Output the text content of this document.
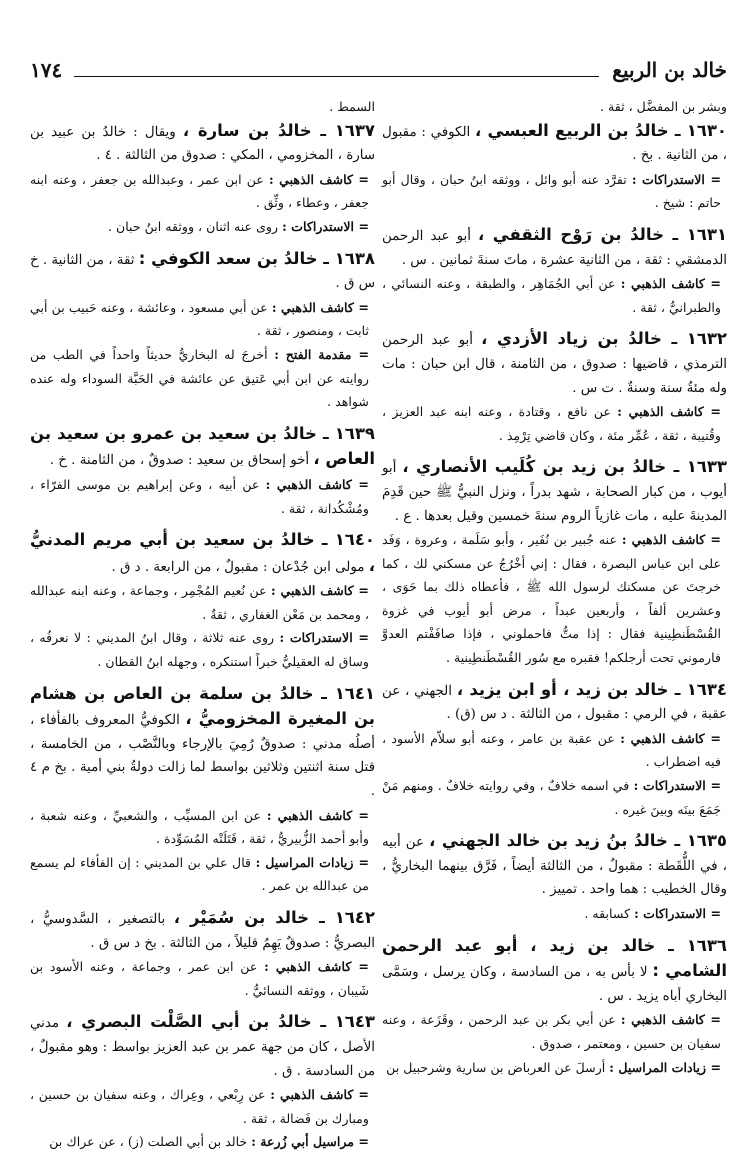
خالد بن الربيع
١٧٤

وبشر بن المفضَّل ، ثقة .

١٦٣٠ ـ خالدُ بن الربيع العبسي ، الكوفي : مقبول ، من الثانية . بخ .

= الاستدراكات : تفرَّد عنه أبو وائل ، ووثقه ابنُ حبان ، وقال أبو حاتم : شيخ .

١٦٣١ ـ خالدُ بن رَوْح الثقفي ، أبو عبد الرحمن الدمشقي : ثقة ، من الثانية عشرة ، ماتَ سنةَ ثمانين . س .

= كاشف الذهبي : عن أبي الجُمَاهِر ، والطبقة ، وعنه النسائي ، والطبرانيُّ ، ثقة .

١٦٣٢ ـ خالدُ بن زياد الأزدي ، أبو عبد الرحمن الترمذي ، قاضيها : صدوق ، من الثامنة ، قال ابن حبان : مات وله مئةُ سنة وسنةٌ . ت س .

= كاشف الذهبي : عن نافع ، وقتادة ، وعنه ابنه عبد العزيز ، وقُتيبة ، ثقة ، عُمِّر مئة ، وكان قاضي تِرْمِذ .

١٦٣٣ ـ خالدُ بن زيد بن كُلَيب الأنصاري ، أبو أيوب ، من كبار الصحابة ، شهد بدراً ، ونزل النبيُّ ﷺ حين قَدِمَ المدينةَ عليه ، مات غازياً الروم سنةَ خمسين وقيل بعدها . ع .

= كاشف الذهبي : عنه جُبير بن نُفَير ، وأبو سَلَمة ، وعروة ، وَفَد على ابن عباس البصرة ، فقال : إني أخْرُجُ عن مسكني لك ، كما خرجتَ عن مسكنك لرسول الله ﷺ ، فأعطاه ذلك بما حَوَى ، وعشرين ألفاً ، وأربعين عبداً ، مرض أبو أيوب في غزوة القُسْطَنطِينية فقال : إذا متُّ فاحملوني ، فإذا صافَفْتم العدوَّ فارموني تحت أرجلكم! فقبره مع سُور القُسْطَنطِينية .

١٦٣٤ ـ خالد بن زيد ، أو ابن يزيد ، الجهني ، عن عقبة ، في الرمي : مقبول ، من الثالثة . د س (ق) .

= كاشف الذهبي : عن عقبة بن عامر ، وعنه أبو سلاّم الأسود ، فيه اضطراب .

= الاستدراكات : في اسمه خلافٌ ، وفي روايته خلافٌ . ومنهم مَنْ جَمَعَ بينَه وبينَ غيره .

١٦٣٥ ـ خالدُ بنُ زيد بن خالد الجهني ، عن أبيه ، في اللُّقَطة : مقبولٌ ، من الثالثة أيضاً ، فَرَّق بينهما البخاريُّ ، وقال الخطيب : هما واحد . تمييز .

= الاستدراكات : كسابقه .

١٦٣٦ ـ خالد بن زيد ، أبو عبد الرحمن الشامي : لا بأس به ، من السادسة ، وكان يرسل ، وسَمَّى البخاري أباه يزيد . س .

= كاشف الذهبي : عن أبي بكر بن عبد الرحمن ، وقَزَعة ، وعنه سفيان بن حسين ، ومعتمر ، صدوق .

= زيادات المراسيل : أرسلَ عن العرباض بن سارية وشرحبيل بن

السمط .

١٦٣٧ ـ خالدُ بن سارة ، ويقال : خالدُ بن عبيد بن سارة ، المخزومي ، المكي : صدوق من الثالثة . ٤ .

= كاشف الذهبي : عن ابن عمر ، وعبدالله بن جعفر ، وعنه ابنه جعفر ، وعطاء ، وثِّق .

= الاستدراكات : روى عنه اثنان ، ووثقه ابنُ حبان .

١٦٣٨ ـ خالدُ بن سعد الكوفي : ثقة ، من الثانية . خ س ق .

= كاشف الذهبي : عن أبي مسعود ، وعائشة ، وعنه حَبيب بن أبي ثابت ، ومنصور ، ثقة .

= مقدمة الفتح : أخرجَ له البخاريُّ حديثاً واحداً في الطب من روايته عن ابن أبي عَتيق عن عائشة في الحَبَّة السوداء وله عنده شواهد .

١٦٣٩ ـ خالدُ بن سعيد بن عمرو بن سعيد بن العاص ، أخو إسحاق بن سعيد : صدوقٌ ، من الثامنة . خ .

= كاشف الذهبي : عن أبيه ، وعن إبراهيم بن موسى الفرّاء ، ومُشْكُدانة ، ثقة .

١٦٤٠ ـ خالدُ بن سعيد بن أبي مريم المدنيُّ ، مولى ابن جُدْعان : مقبولٌ ، من الرابعة . د ق .

= كاشف الذهبي : عن نُعيم المُجْمِر ، وجماعة ، وعنه ابنه عبدالله ، ومحمد بن مَعْن الغفاري ، ثقةٌ .

= الاستدراكات : روى عنه ثلاثة ، وقال ابنُ المديني : لا نعرفُه ، وساق له العقيليُّ خبراً استنكره ، وجهله ابنُ القطان .

١٦٤١ ـ خالدُ بن سلمة بن العاص بن هشام بن المغيرة المخزوميُّ ، الكوفيُّ المعروف بالفأفاء ، أصلُه مدني : صدوقٌ رُمِيَ بالإرجاء وبالنَّصْب ، من الخامسة ، قتل سنة اثنتين وثلاثين بواسط لما زالت دولةُ بني أمية . بخ م ٤ .

= كاشف الذهبي : عن ابن المسيِّب ، والشعبيِّ ، وعنه شعبة ، وأبو أحمد الزُّبيريُّ ، ثقة ، قَتَلَتْه المُسَوِّدة .

= زيادات المراسيل : قال علي بن المديني : إن الفأفاء لم يسمع من عبدالله بن عمر .

١٦٤٢ ـ خالد بن سُمَيْر ، بالتصغير ، السَّدوسيُّ ، البصريُّ : صدوقٌ يَهِمُ قليلاً ، من الثالثة . بخ د س ق .

= كاشف الذهبي : عن ابن عمر ، وجماعة ، وعنه الأسود بن شَيبان ، ووثقه النسائيُّ .

١٦٤٣ ـ خالدُ بن أبي الصَّلْت البصري ، مدني الأصل ، كان من جهة عمر بن عبد العزيز بواسط : وهو مقبولٌ ، من السادسة . ق .

= كاشف الذهبي : عن رِبْعي ، وعِراك ، وعنه سفيان بن حسين ، ومبارك بن فَضالة ، ثقة .

= مراسيل أبي زُرعة : خالد بن أبي الصلت (ز) ، عن عراك بن
